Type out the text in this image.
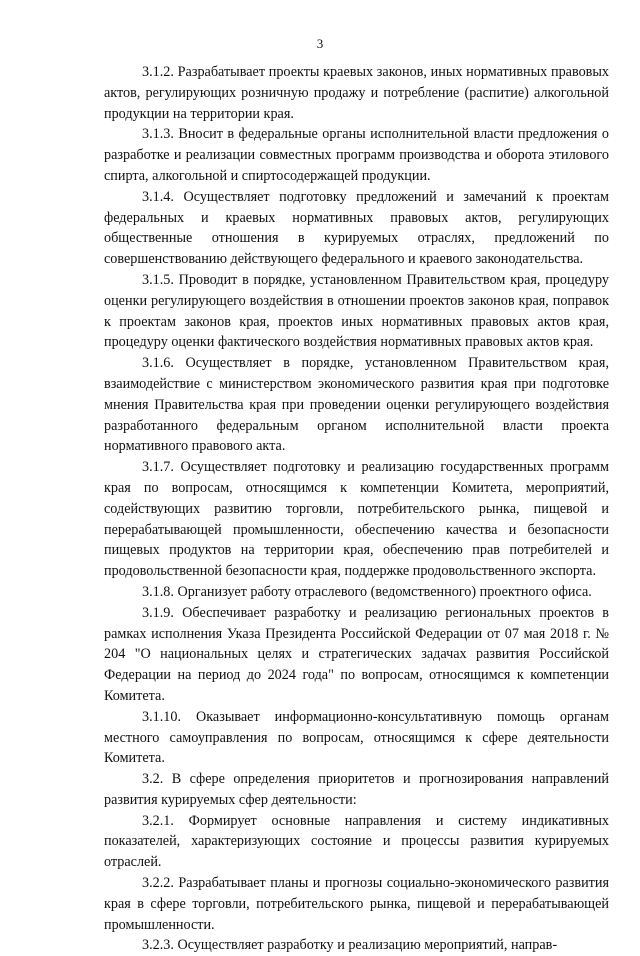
3

3.1.2. Разрабатывает проекты краевых законов, иных нормативных правовых актов, регулирующих розничную продажу и потребление (распитие) алкогольной продукции на территории края.

3.1.3. Вносит в федеральные органы исполнительной власти предложения о разработке и реализации совместных программ производства и оборота этилового спирта, алкогольной и спиртосодержащей продукции.

3.1.4. Осуществляет подготовку предложений и замечаний к проектам федеральных и краевых нормативных правовых актов, регулирующих общественные отношения в курируемых отраслях, предложений по совершенствованию действующего федерального и краевого законодательства.

3.1.5. Проводит в порядке, установленном Правительством края, процедуру оценки регулирующего воздействия в отношении проектов законов края, поправок к проектам законов края, проектов иных нормативных правовых актов края, процедуру оценки фактического воздействия нормативных правовых актов края.

3.1.6. Осуществляет в порядке, установленном Правительством края, взаимодействие с министерством экономического развития края при подготовке мнения Правительства края при проведении оценки регулирующего воздействия разработанного федеральным органом исполнительной власти проекта нормативного правового акта.

3.1.7. Осуществляет подготовку и реализацию государственных программ края по вопросам, относящимся к компетенции Комитета, мероприятий, содействующих развитию торговли, потребительского рынка, пищевой и перерабатывающей промышленности, обеспечению качества и безопасности пищевых продуктов на территории края, обеспечению прав потребителей и продовольственной безопасности края, поддержке продовольственного экспорта.

3.1.8. Организует работу отраслевого (ведомственного) проектного офиса.

3.1.9. Обеспечивает разработку и реализацию региональных проектов в рамках исполнения Указа Президента Российской Федерации от 07 мая 2018 г. № 204 "О национальных целях и стратегических задачах развития Российской Федерации на период до 2024 года" по вопросам, относящимся к компетенции Комитета.

3.1.10. Оказывает информационно-консультативную помощь органам местного самоуправления по вопросам, относящимся к сфере деятельности Комитета.

3.2. В сфере определения приоритетов и прогнозирования направлений развития курируемых сфер деятельности:

3.2.1. Формирует основные направления и систему индикативных показателей, характеризующих состояние и процессы развития курируемых отраслей.

3.2.2. Разрабатывает планы и прогнозы социально-экономического развития края в сфере торговли, потребительского рынка, пищевой и перерабатывающей промышленности.

3.2.3. Осуществляет разработку и реализацию мероприятий, направ-
